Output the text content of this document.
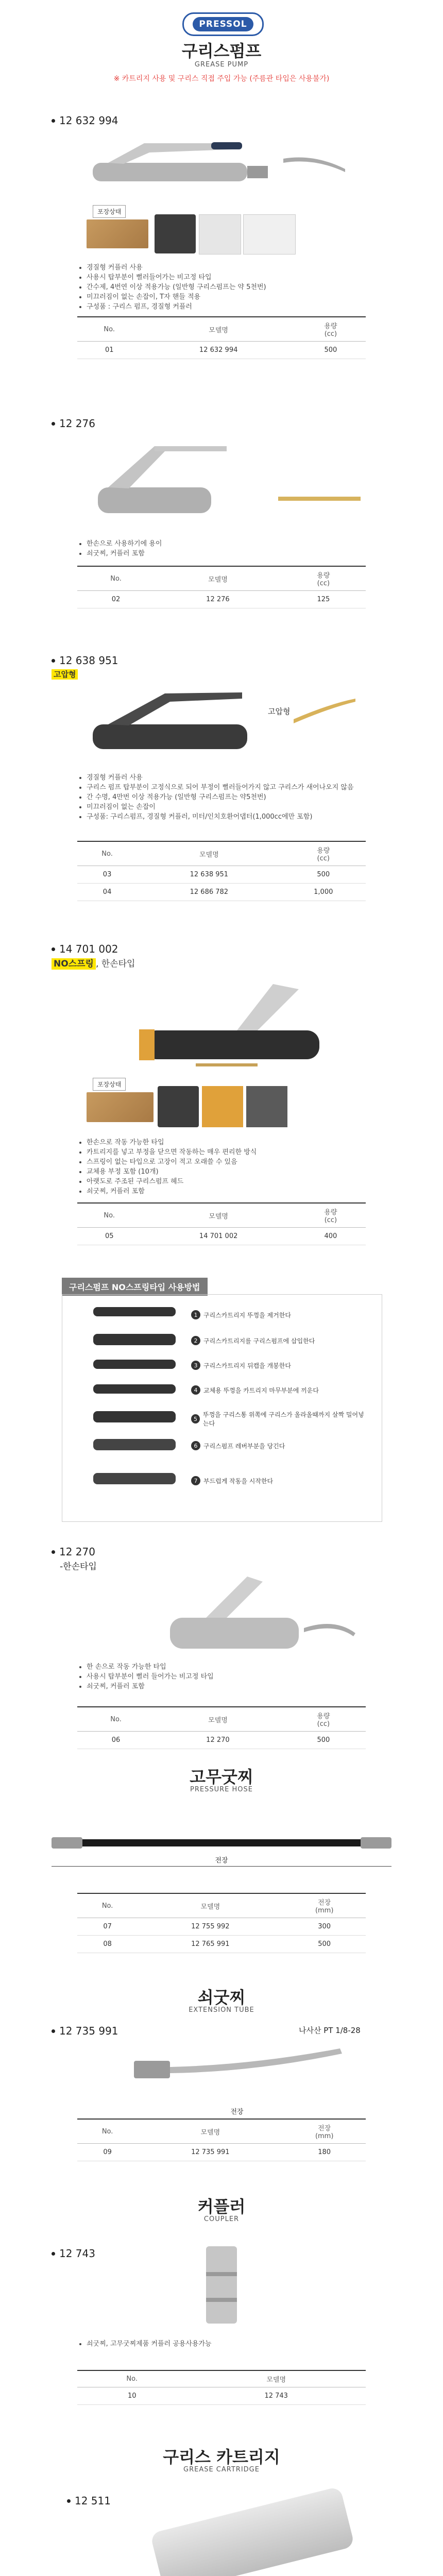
PRESSOL
구리스펌프
GREASE PUMP
※ 카트리지 사용 및 구리스 직접 주입 가능 (주름관 타입은 사용불가)
12 632 994
포장상태
• 경질형 커플러 사용
• 사용시 탑부분이 뻘러들어가는 비고정 타입
• 간수제, 4번연 이상 적용가능 (일반형 구리스펌프는 약 5천번)
• 미끄러짐이 없는 손잡이, T자 핸들 적용
• 구성품 : 구리스 펌프, 경질형 커플러
No.	모델명	용량
(cc)
01	12 632 994	500
12 276
• 한손으로 사용하기에 용이
• 쇠굿찌, 커플러 포함
No.	모델명	용량
(cc)
02	12 276	125
12 638 951
고압형
고압형
• 경질형 커플러 사용
• 구리스 펌프 탑부분이 고정식으로 되어 부정이 뻘러들어가지 않고 구리스가 새어나오지 않음
• 간 수명, 4만번 이상 적용가능 (일반형 구리스펌프는 약5천번)
• 미끄러짐이 없는 손잡이
• 구성품: 구리스펌프, 경질형 커플러, 미터/인치호환어댑터(1,000cc에만 포함)
No.	모델명	용량
(cc)
03	12 638 951	500
04	12 686 782	1,000
14 701 002
NO스프링 , 한손타입
포장상태
• 한손으로 작동 가능한 타입
• 카트리지를 넣고 부정을 닫으면 작동하는 매우 편리한 방식
• 스프링이 없는 타입으로 고장이 적고 오래쓸 수 있음
• 교체용 부정 포함 (10개)
• 아랫도로 주조된 구리스펌프 헤드
• 쇠굿찌, 커플러 포함
No.	모델명	용량
(cc)
05	14 701 002	400
구리스펌프 NO스프링타입 사용방법
1 구리스카트리지 뚜껑을 제거한다
2 구리스카트리지를 구리스펌프에 삽입한다
3 구리스카트리지 뒤캡을 개봉한다
4 교체용 뚜껑을 카트리지 마무부분에 끼운다
5
뚜껑을 구리스통 위쪽에 구리스가 올라올때까지 살짝 밀어넣는다
6 구리스펌프 레버부분을 당긴다
7 부드럽게 작동을 시작한다
12 270
-한손타입
• 한 손으로 작동 가능한 타입
• 사용시 탑부분이 뻘러 들어가는 비고정 타입
• 쇠굿찌, 커플러 포함
No.	모델명	용량
(cc)
06	12 270	500
고무굿찌
PRESSURE HOSE
전장
No.	모델명	전장
(mm)
07	12 755 992	300
08	12 765 991	500
쇠굿찌
EXTENSION TUBE
12 735 991	나사산 PT 1/8-28
전장
No.	모델명	전장
(mm)
09	12 735 991	180
커플러
COUPLER
12 743
• 쇠굿찌, 고무굿찌제품 커플러 공용사용가능
No.	모델명
10	12 743
구리스 카트리지
GREASE CARTRIDGE
12 511
